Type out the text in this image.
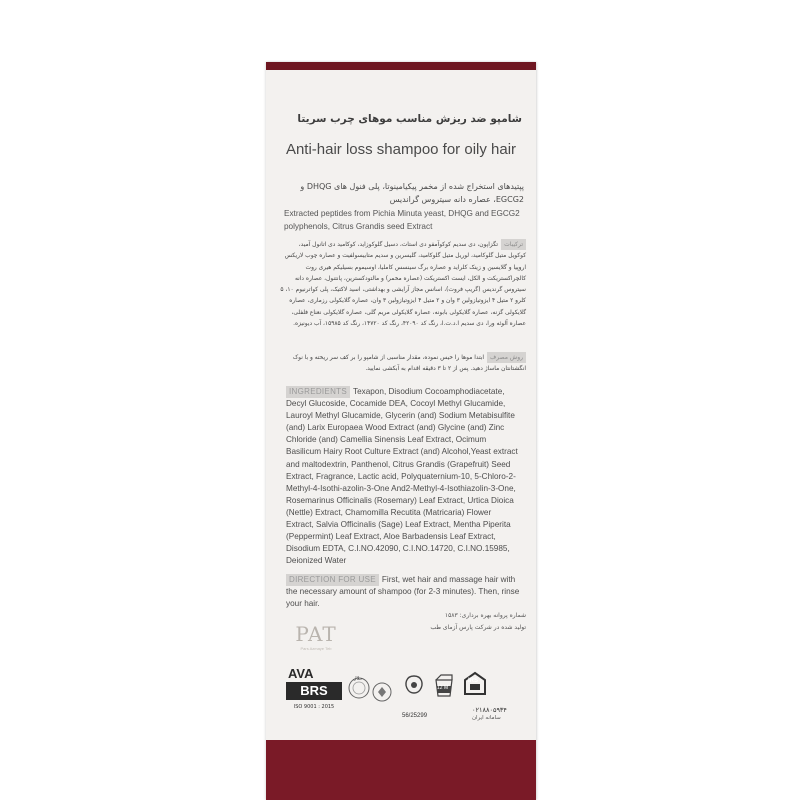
شامپو ضد ریزش مناسب موهای چرب سریتا
Anti-hair loss shampoo for oily hair
پپتیدهای استخراج شده از مخمر پیکیامینوتا، پلی فنول های DHQG و EGCG2، عصاره دانه سیتروس گراندیس
Extracted peptides from Pichia Minuta yeast, DHQG and EGCG2 polyphenols, Citrus Grandis seed Extract
ترکیباتتگزاپون، دی سدیم کوکوآمفو دی استات، دسیل گلوکوزاید، کوکامید دی اتانول آمید، کوکویل متیل گلوکامید، لوریل متیل گلوکامید، گلیسرین و سدیم متابیسولفیت و عصاره چوب لاریکس اروپیا و گلایسین و زینک کلراید و عصاره برگ سینسس کاملیا، اوسیموم بسیلیکم هیری روت کالچراکستریکت و الکل، ایست اکستریکت (عصاره مخمر) و مالتودکسترین، پانتنول، عصاره دانه سیتروس گرندیس (گریپ فروت)، اسانس مجاز آرایشی و بهداشتی، اسید لاکتیک، پلی کواترنیوم ۱۰، ۵ کلرو ۲ متیل ۴ ایزوتیازولین ۳ وان و ۲ متیل ۴ ایزوتیازولین ۳ وان، عصاره گلایکولی رزماری، عصاره گلایکولی گزنه، عصاره گلایکولی بابونه، عصاره گلایکولی مریم گلی، عصاره گلایکولی نعناع فلفلی، عصاره آلوئه ورا، دی سدیم ا.د.ت.ا، رنگ کد ۴۲۰۹۰، رنگ کد ۱۴۷۲۰، رنگ کد ۱۵۹۸۵، آب دیونیزه.
روش مصرفابتدا موها را خیس نموده، مقدار مناسبی از شامپو را بر کف سر ریخته و با نوک انگشتانتان ماساژ دهید. پس از ۲ تا ۳ دقیقه اقدام به آبکشی نمایید.
INGREDIENTS Texapon, Disodium Cocoamphodiacetate, Decyl Glucoside, Cocamide DEA, Cocoyl Methyl Glucamide, Lauroyl Methyl Glucamide, Glycerin (and) Sodium Metabisulfite (and) Larix Europaea Wood Extract (and) Glycine (and) Zinc Chloride (and) Camellia Sinensis Leaf Extract, Ocimum Basilicum Hairy Root Culture Extract (and) Alcohol,Yeast extract and maltodextrin, Panthenol, Citrus Grandis (Grapefruit) Seed Extract, Fragrance, Lactic acid, Polyquaternium-10, 5-Chloro-2-Methyl-4-Isothi-azolin-3-One And2-Methyl-4-Isothiazolin-3-One, Rosemarinus Officinalis (Rosemary) Leaf Extract, Urtica Dioica (Nettle) Extract, Chamomilla Recutita (Matricaria) Flower Extract, Salvia Officinalis (Sage) Leaf Extract, Mentha Piperita (Peppermint) Leaf Extract, Aloe Barbadensis Leaf Extract, Disodium EDTA, C.I.NO.42090, C.I.NO.14720, C.I.NO.15985, Deionized Water
DIRECTION FOR USE First, wet hair and massage hair with the necessary amount of shampoo (for 2-3 minutes). Then, rinse your hair.
شماره پروانه بهره برداری: ۱۵۸۳
تولید شده در شرکت پارس آزمای طب
PAT
Pars Azmaye Teb
AVA
BRS
ISO 9001 : 2015
حلال
56/25299
12 M
IRS
۰۲۱۸۸۰۵۹۳۴
سامانه ایران
